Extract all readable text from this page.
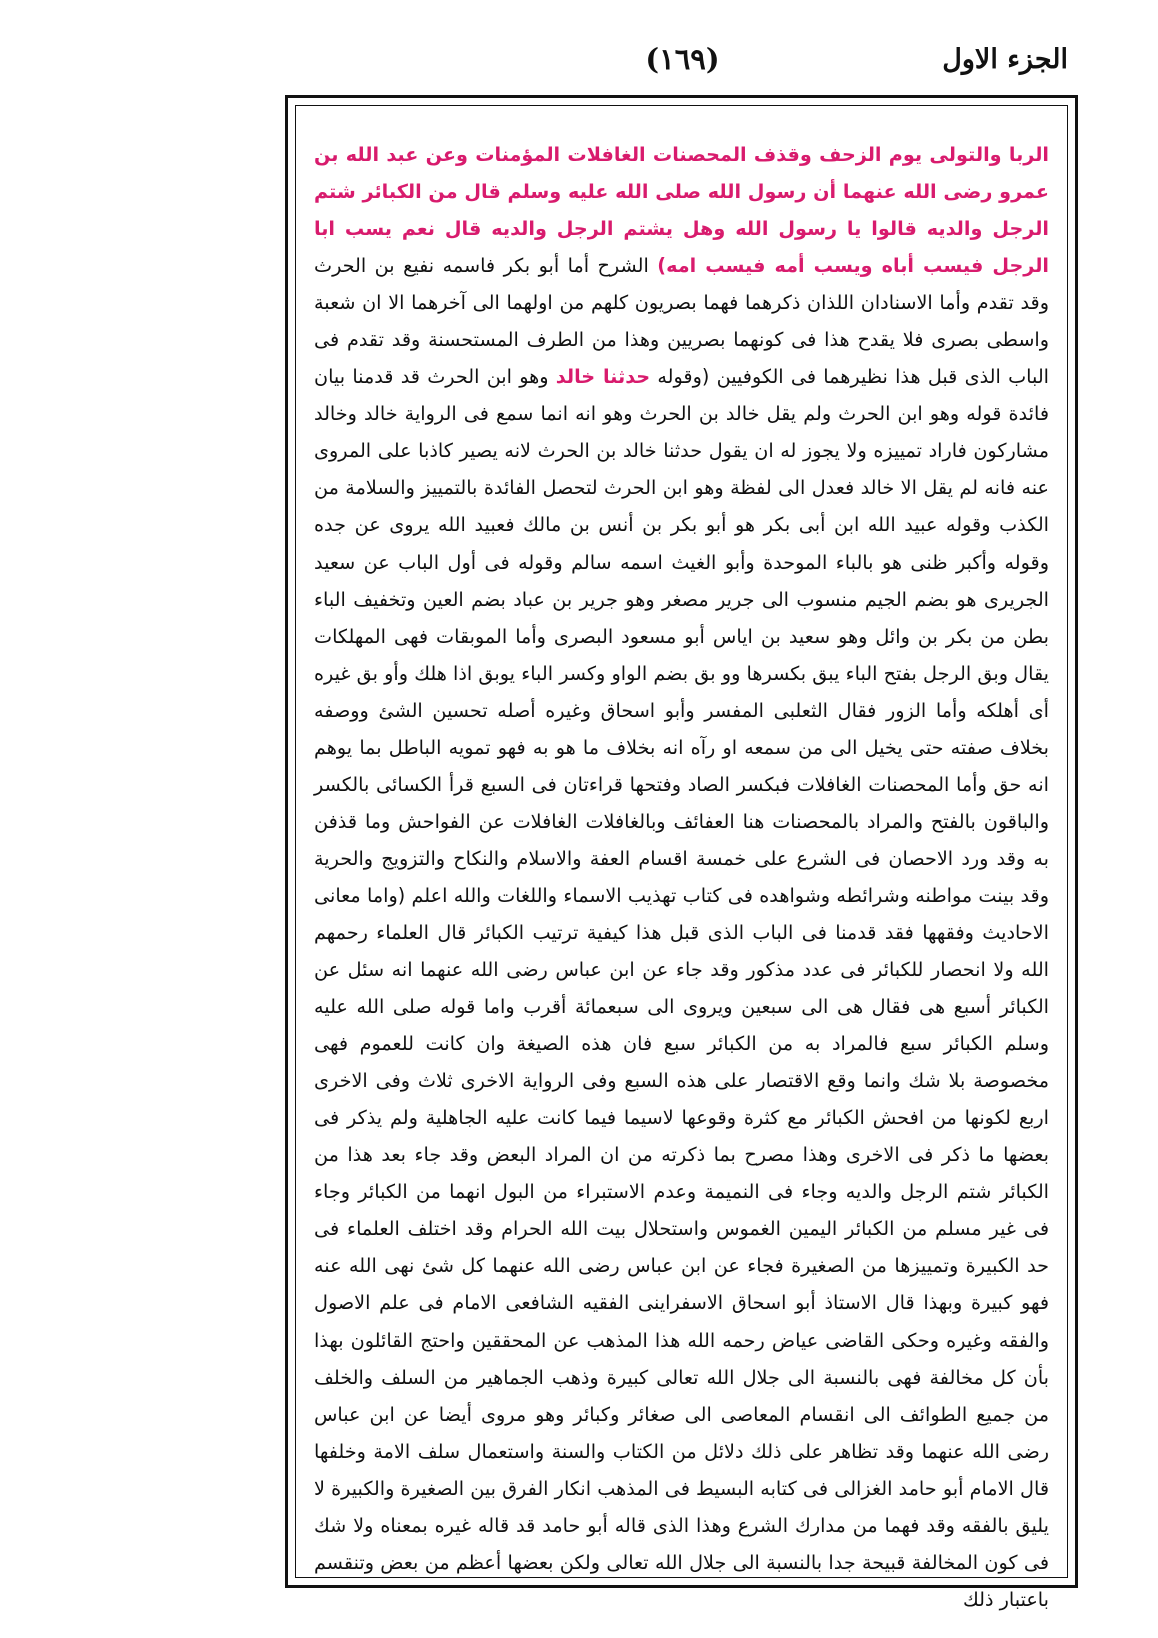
الجزء الاول
(١٦٩)

الربا والتولى يوم الزحف وقذف المحصنات الغافلات المؤمنات وعن عبد الله بن عمرو رضى الله عنهما أن رسول الله صلى الله عليه وسلم قال من الكبائر شتم الرجل والديه قالوا يا رسول الله وهل يشتم الرجل والديه قال نعم يسب ابا الرجل فيسب أباه ويسب أمه فيسب امه) الشرح أما أبو بكر فاسمه نفيع بن الحرث وقد تقدم وأما الاسنادان اللذان ذكرهما فهما بصريون كلهم من اولهما الى آخرهما الا ان شعبة واسطى بصرى فلا يقدح هذا فى كونهما بصريين وهذا من الطرف المستحسنة وقد تقدم فى الباب الذى قبل هذا نظيرهما فى الكوفيين (وقوله حدثنا خالد وهو ابن الحرث قد قدمنا بيان فائدة قوله وهو ابن الحرث ولم يقل خالد بن الحرث وهو انه انما سمع فى الرواية خالد وخالد مشاركون فاراد تمييزه ولا يجوز له ان يقول حدثنا خالد بن الحرث لانه يصير كاذبا على المروى عنه فانه لم يقل الا خالد فعدل الى لفظة وهو ابن الحرث لتحصل الفائدة بالتمييز والسلامة من الكذب وقوله عبيد الله ابن أبى بكر هو أبو بكر بن أنس بن مالك فعبيد الله يروى عن جده وقوله وأكبر ظنى هو بالباء الموحدة وأبو الغيث اسمه سالم وقوله فى أول الباب عن سعيد الجريرى هو بضم الجيم منسوب الى جرير مصغر وهو جرير بن عباد بضم العين وتخفيف الباء بطن من بكر بن وائل وهو سعيد بن اياس أبو مسعود البصرى وأما الموبقات فهى المهلكات يقال وبق الرجل بفتح الباء يبق بكسرها وو بق بضم الواو وكسر الباء يوبق اذا هلك وأو بق غيره أى أهلكه وأما الزور فقال الثعلبى المفسر وأبو اسحاق وغيره أصله تحسين الشئ ووصفه بخلاف صفته حتى يخيل الى من سمعه او رآه انه بخلاف ما هو به فهو تمويه الباطل بما يوهم انه حق وأما المحصنات الغافلات فبكسر الصاد وفتحها قراءتان فى السبع قرأ الكسائى بالكسر والباقون بالفتح والمراد بالمحصنات هنا العفائف وبالغافلات الغافلات عن الفواحش وما قذفن به وقد ورد الاحصان فى الشرع على خمسة اقسام العفة والاسلام والنكاح والتزويج والحرية وقد بينت مواطنه وشرائطه وشواهده فى كتاب تهذيب الاسماء واللغات والله اعلم (واما معانى الاحاديث وفقهها فقد قدمنا فى الباب الذى قبل هذا كيفية ترتيب الكبائر قال العلماء رحمهم الله ولا انحصار للكبائر فى عدد مذكور وقد جاء عن ابن عباس رضى الله عنهما انه سئل عن الكبائر أسبع هى فقال هى الى سبعين ويروى الى سبعمائة أقرب واما قوله صلى الله عليه وسلم الكبائر سبع فالمراد به من الكبائر سبع فان هذه الصيغة وان كانت للعموم فهى مخصوصة بلا شك وانما وقع الاقتصار على هذه السبع وفى الرواية الاخرى ثلاث وفى الاخرى اربع لكونها من افحش الكبائر مع كثرة وقوعها لاسيما فيما كانت عليه الجاهلية ولم يذكر فى بعضها ما ذكر فى الاخرى وهذا مصرح بما ذكرته من ان المراد البعض وقد جاء بعد هذا من الكبائر شتم الرجل والديه وجاء فى النميمة وعدم الاستبراء من البول انهما من الكبائر وجاء فى غير مسلم من الكبائر اليمين الغموس واستحلال بيت الله الحرام وقد اختلف العلماء فى حد الكبيرة وتمييزها من الصغيرة فجاء عن ابن عباس رضى الله عنهما كل شئ نهى الله عنه فهو كبيرة وبهذا قال الاستاذ أبو اسحاق الاسفراينى الفقيه الشافعى الامام فى علم الاصول والفقه وغيره وحكى القاضى عياض رحمه الله هذا المذهب عن المحققين واحتج القائلون بهذا بأن كل مخالفة فهى بالنسبة الى جلال الله تعالى كبيرة وذهب الجماهير من السلف والخلف من جميع الطوائف الى انقسام المعاصى الى صغائر وكبائر وهو مروى أيضا عن ابن عباس رضى الله عنهما وقد تظاهر على ذلك دلائل من الكتاب والسنة واستعمال سلف الامة وخلفها قال الامام أبو حامد الغزالى فى كتابه البسيط فى المذهب انكار الفرق بين الصغيرة والكبيرة لا يليق بالفقه وقد فهما من مدارك الشرع وهذا الذى قاله أبو حامد قد قاله غيره بمعناه ولا شك فى كون المخالفة قبيحة جدا بالنسبة الى جلال الله تعالى ولكن بعضها أعظم من بعض وتنقسم باعتبار ذلك
